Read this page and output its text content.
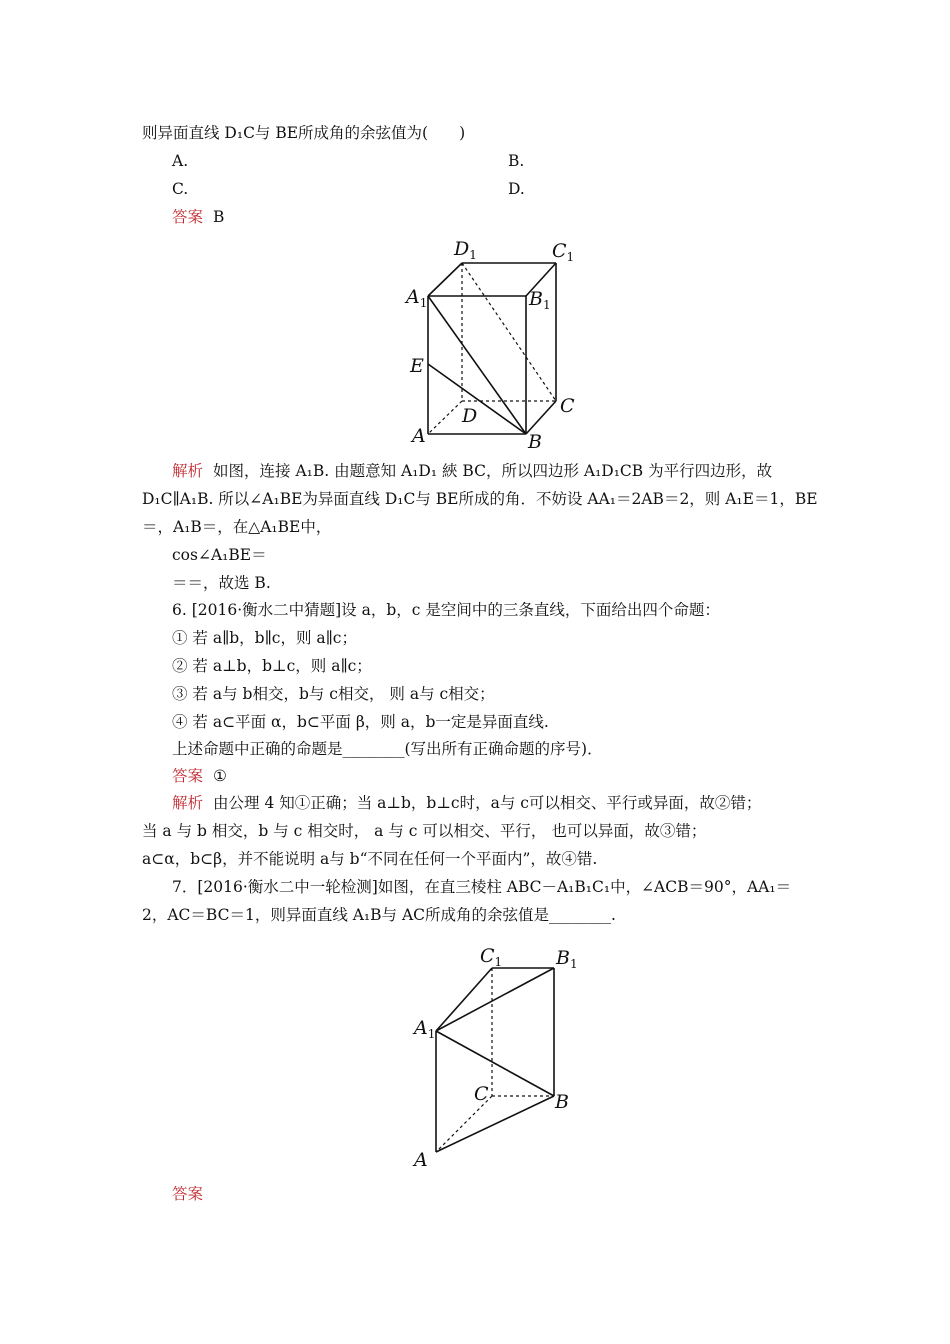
则异面直线 D₁C与 BE所成角的余弦值为(　　)
A.	B.
C.	D.
答案 B
$D_1$	$C_1$
$A_1$	$B_1$
E
D	C
A	B
解析 如图，连接 A₁B. 由题意知 A₁D₁ 綊 BC，所以四边形 A₁D₁CB 为平行四边形，故
D₁C∥A₁B. 所以∠A₁BE为异面直线 D₁C与 BE所成的角．不妨设 AA₁＝2AB＝2，则 A₁E＝1，BE
＝，A₁B＝，在△A₁BE中，
cos∠A₁BE＝
＝＝，故选 B.
6. [2016·衡水二中猜题]设 a，b，c 是空间中的三条直线，下面给出四个命题：
① 若 a∥b，b∥c，则 a∥c；
② 若 a⊥b，b⊥c，则 a∥c；
③ 若 a与 b相交，b与 c相交， 则 a与 c相交；
④ 若 a⊂平面 α，b⊂平面 β，则 a，b一定是异面直线.
上述命题中正确的命题是________(写出所有正确命题的序号)．
答案 ①
解析 由公理 4 知①正确；当 a⊥b，b⊥c时，a与 c可以相交、平行或异面，故②错；
当 a 与 b 相交，b 与 c 相交时， a 与 c 可以相交、平行， 也可以异面，故③错；
a⊂α，b⊂β，并不能说明 a与 b“不同在任何一个平面内”，故④错.
7．[2016·衡水二中一轮检测]如图，在直三棱柱 ABC－A₁B₁C₁中，∠ACB＝90°，AA₁＝
2，AC＝BC＝1，则异面直线 A₁B与 AC所成角的余弦值是________.
$C_1$	$B_1$
$A_1$
C	B
A
答案
